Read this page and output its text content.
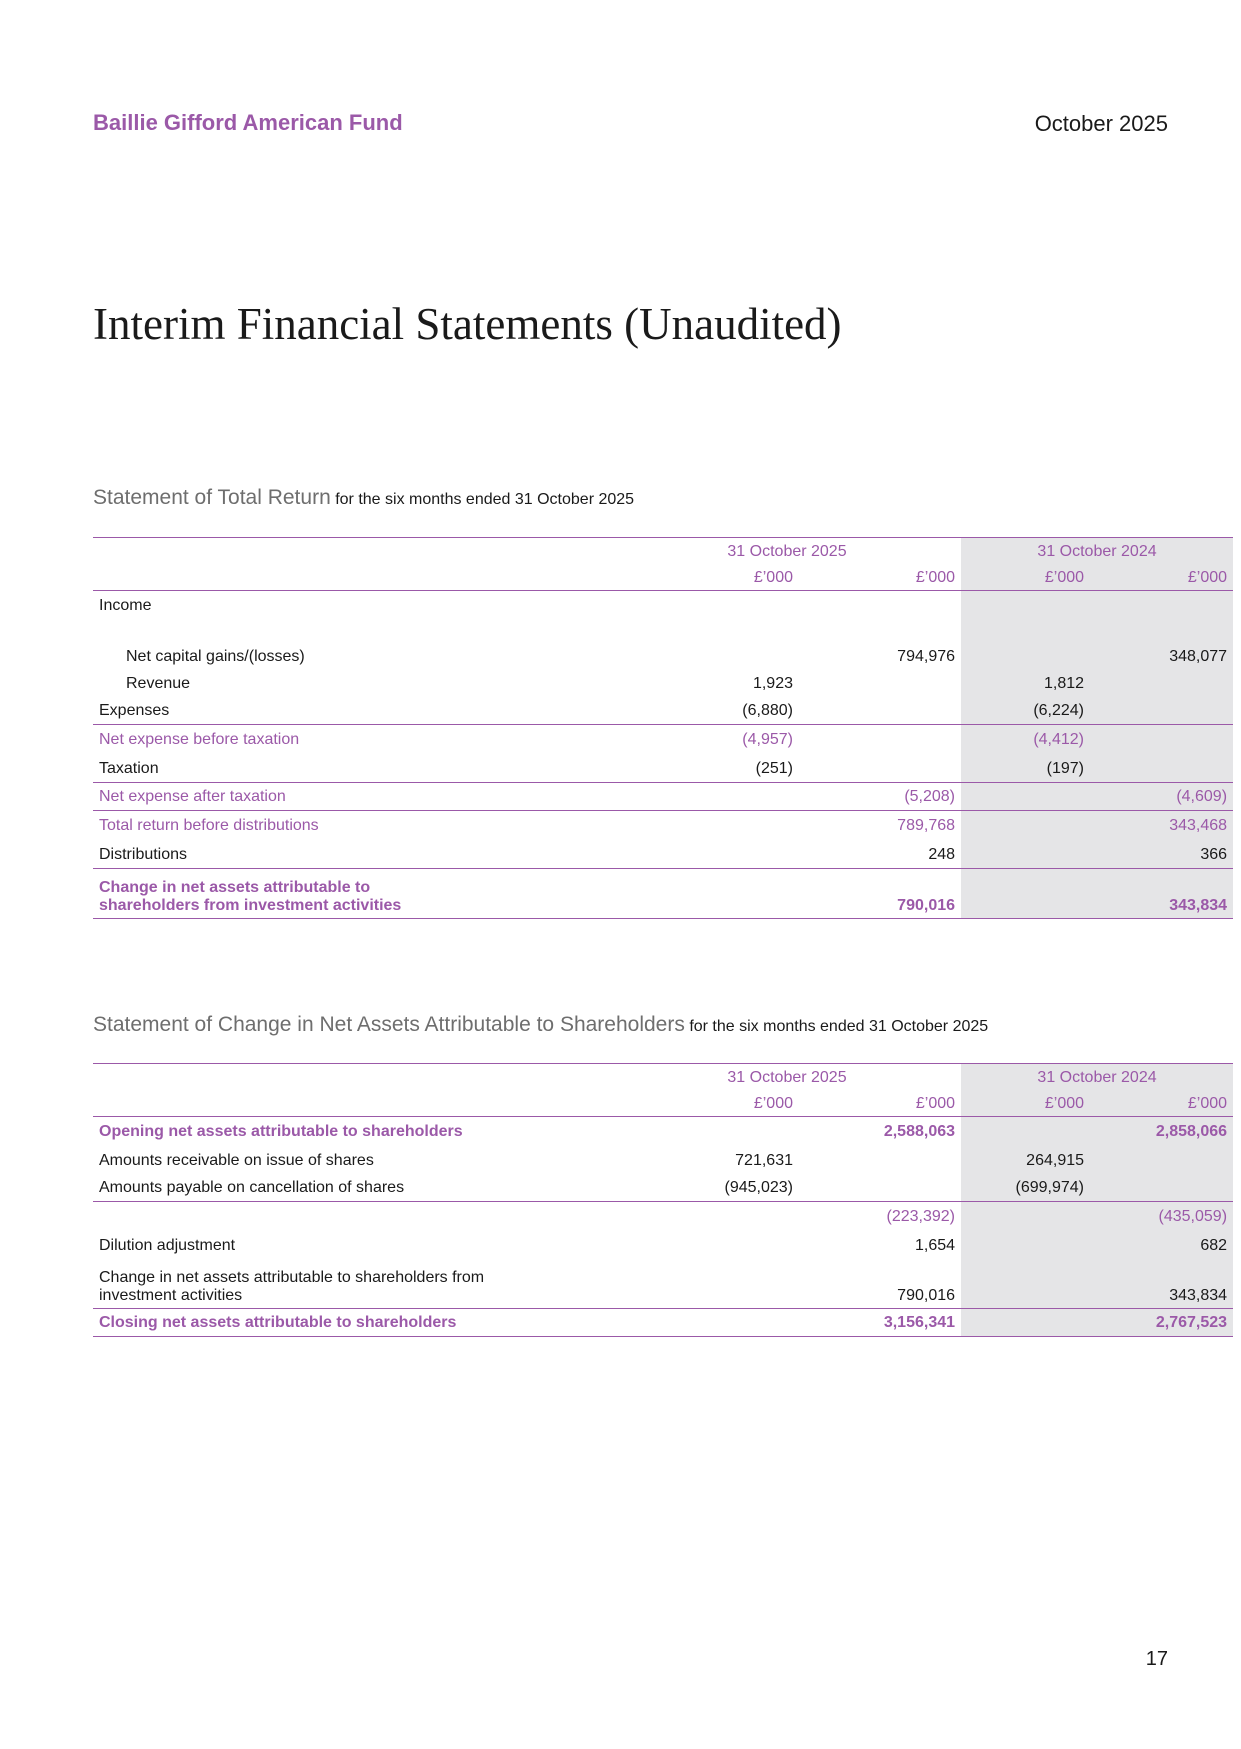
Baillie Gifford American Fund	October 2025
Interim Financial Statements (Unaudited)
Statement of Total Return for the six months ended 31 October 2025
	31 October 2025		31 October 2024	
	£’000	£’000	£’000	£’000
Income				

Net capital gains/(losses)		794,976		348,077
Revenue	1,923		1,812	
Expenses	(6,880)		(6,224)	
Net expense before taxation	(4,957)		(4,412)	
Taxation	(251)		(197)	
Net expense after taxation		(5,208)		(4,609)
Total return before distributions		789,768		343,468
Distributions		248		366
Change in net assets attributable to
shareholders from investment activities		790,016		343,834
Statement of Change in Net Assets Attributable to Shareholders for the six months ended 31 October 2025
	31 October 2025		31 October 2024	
	£’000	£’000	£’000	£’000
Opening net assets attributable to shareholders		2,588,063		2,858,066
Amounts receivable on issue of shares	721,631		264,915	
Amounts payable on cancellation of shares	(945,023)		(699,974)	
		(223,392)		(435,059)
Dilution adjustment		1,654		682
Change in net assets attributable to shareholders from
investment activities		790,016		343,834
Closing net assets attributable to shareholders		3,156,341		2,767,523
17
